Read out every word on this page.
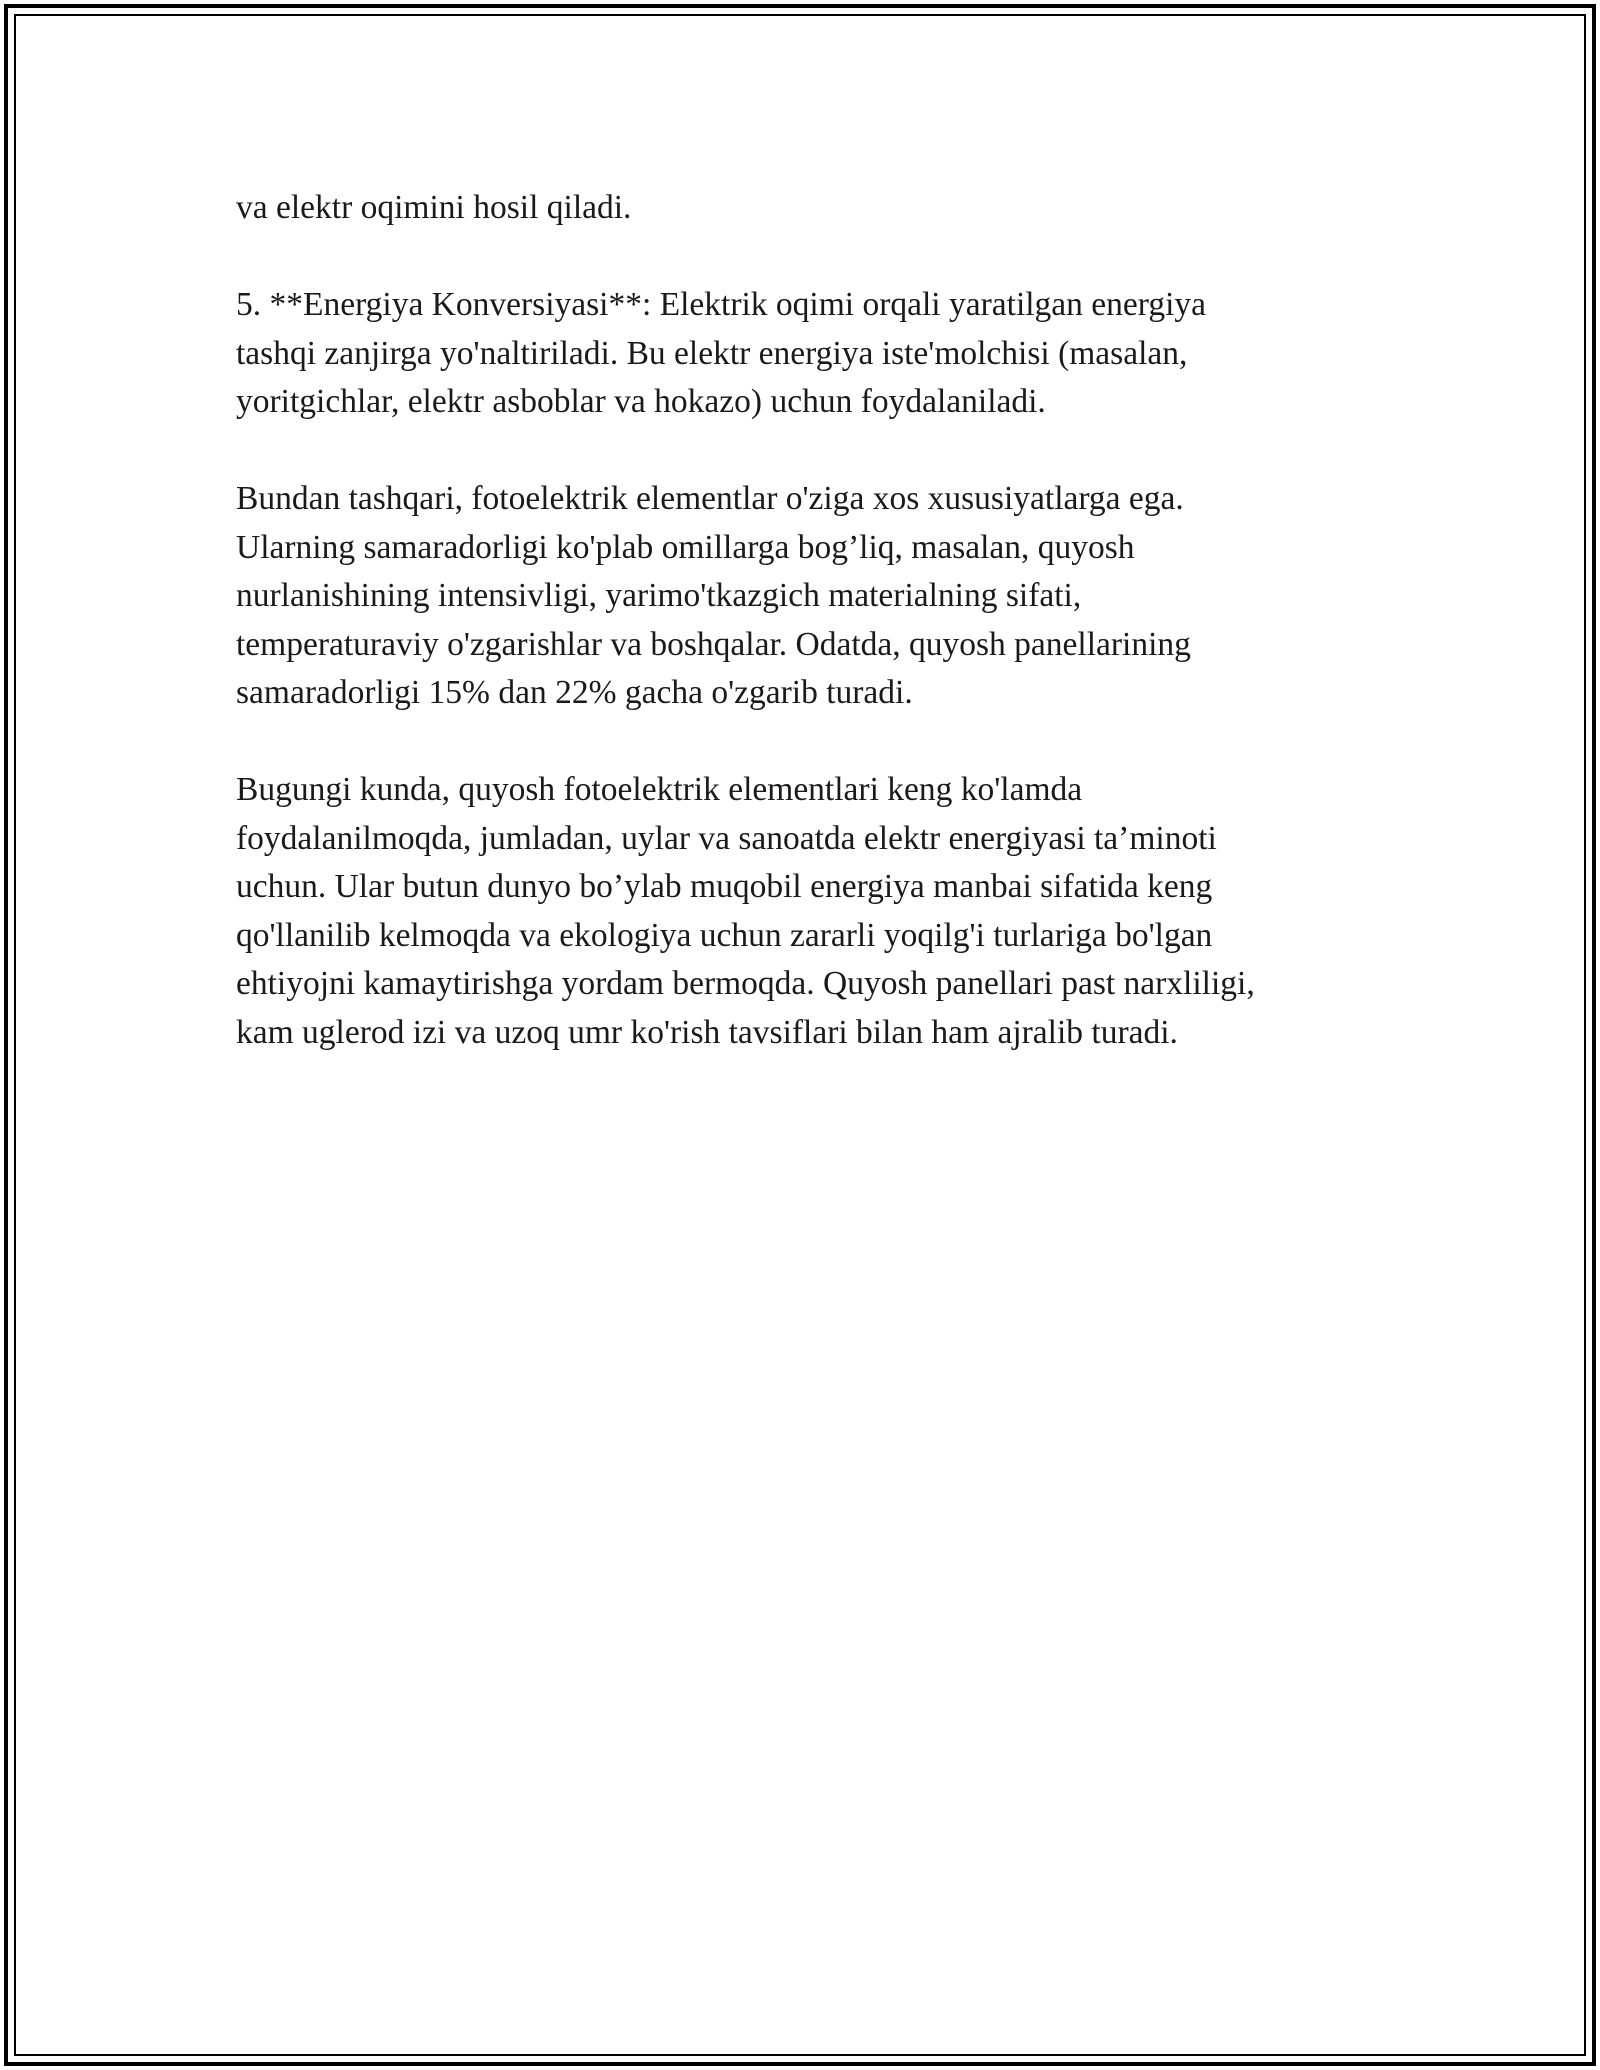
va elektr oqimini hosil qiladi.

5. **Energiya Konversiyasi**: Elektrik oqimi orqali yaratilgan energiya
tashqi zanjirga yo'naltiriladi. Bu elektr energiya iste'molchisi (masalan,
yoritgichlar, elektr asboblar va hokazo) uchun foydalaniladi.

Bundan tashqari, fotoelektrik elementlar o'ziga xos xususiyatlarga ega.
Ularning samaradorligi ko'plab omillarga bog’liq, masalan, quyosh
nurlanishining intensivligi, yarimo'tkazgich materialning sifati,
temperaturaviy o'zgarishlar va boshqalar. Odatda, quyosh panellarining
samaradorligi 15% dan 22% gacha o'zgarib turadi.

Bugungi kunda, quyosh fotoelektrik elementlari keng ko'lamda
foydalanilmoqda, jumladan, uylar va sanoatda elektr energiyasi ta’minoti
uchun. Ular butun dunyo bo’ylab muqobil energiya manbai sifatida keng
qo'llanilib kelmoqda va ekologiya uchun zararli yoqilg'i turlariga bo'lgan
ehtiyojni kamaytirishga yordam bermoqda. Quyosh panellari past narxliligi,
kam uglerod izi va uzoq umr ko'rish tavsiflari bilan ham ajralib turadi.
